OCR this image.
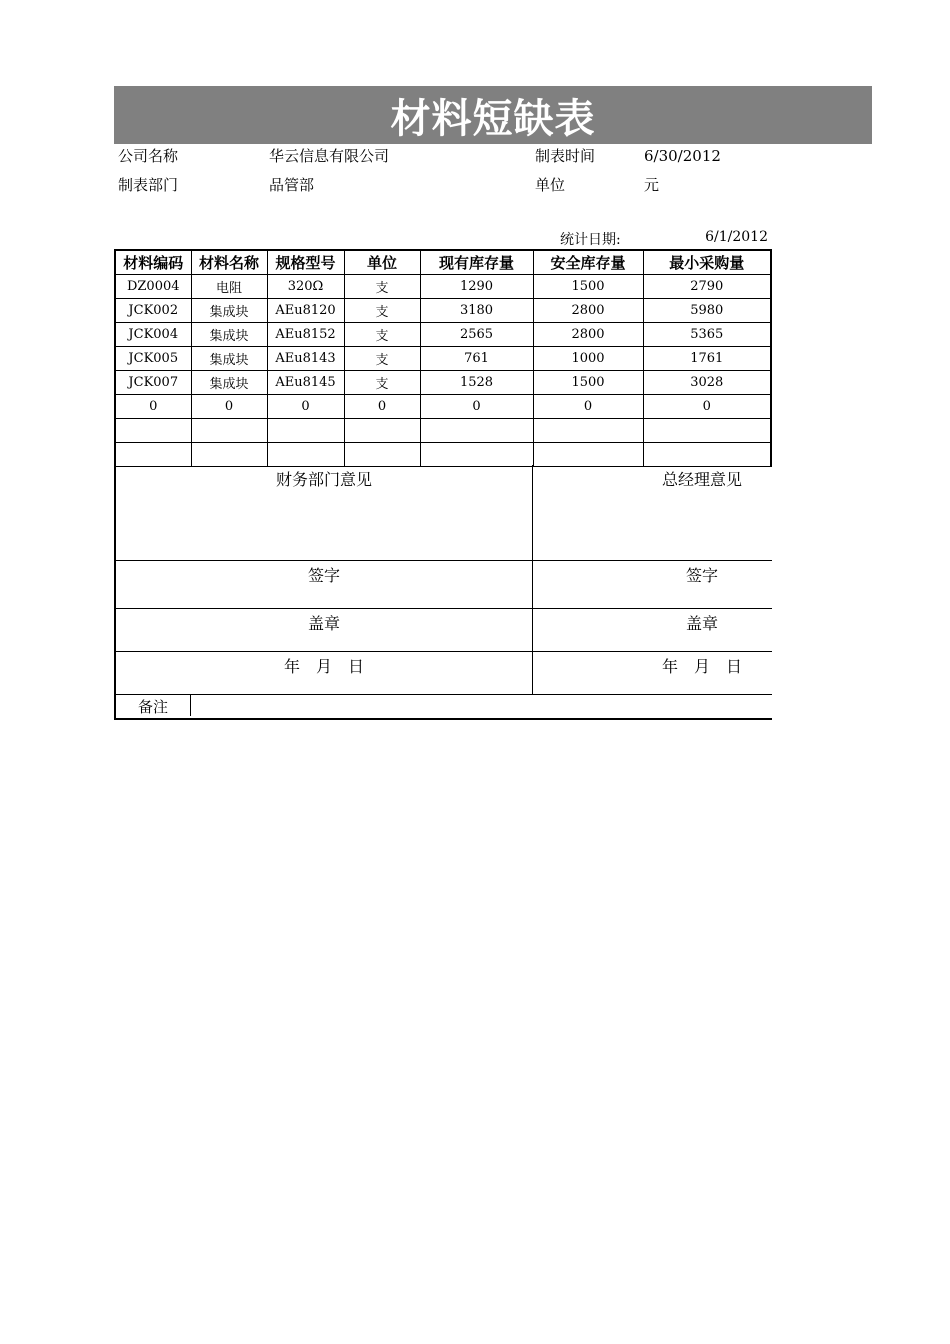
材料短缺表
公司名称	华云信息有限公司	制表时间	6/30/2012
制表部门	品管部	单位	元
统计日期:	6/1/2012
材料编码	材料名称	规格型号	单位	现有库存量	安全库存量	最小采购量
DZ0004	电阻	320Ω	支	1290	1500	2790
JCK002	集成块	AEu8120	支	3180	2800	5980
JCK004	集成块	AEu8152	支	2565	2800	5365
JCK005	集成块	AEu8143	支	761	1000	1761
JCK007	集成块	AEu8145	支	1528	1500	3028
0	0	0	0	0	0	0

财务部门意见	总经理意见
签字	签字
盖章	盖章
年　月　日	年　月　日
备注
